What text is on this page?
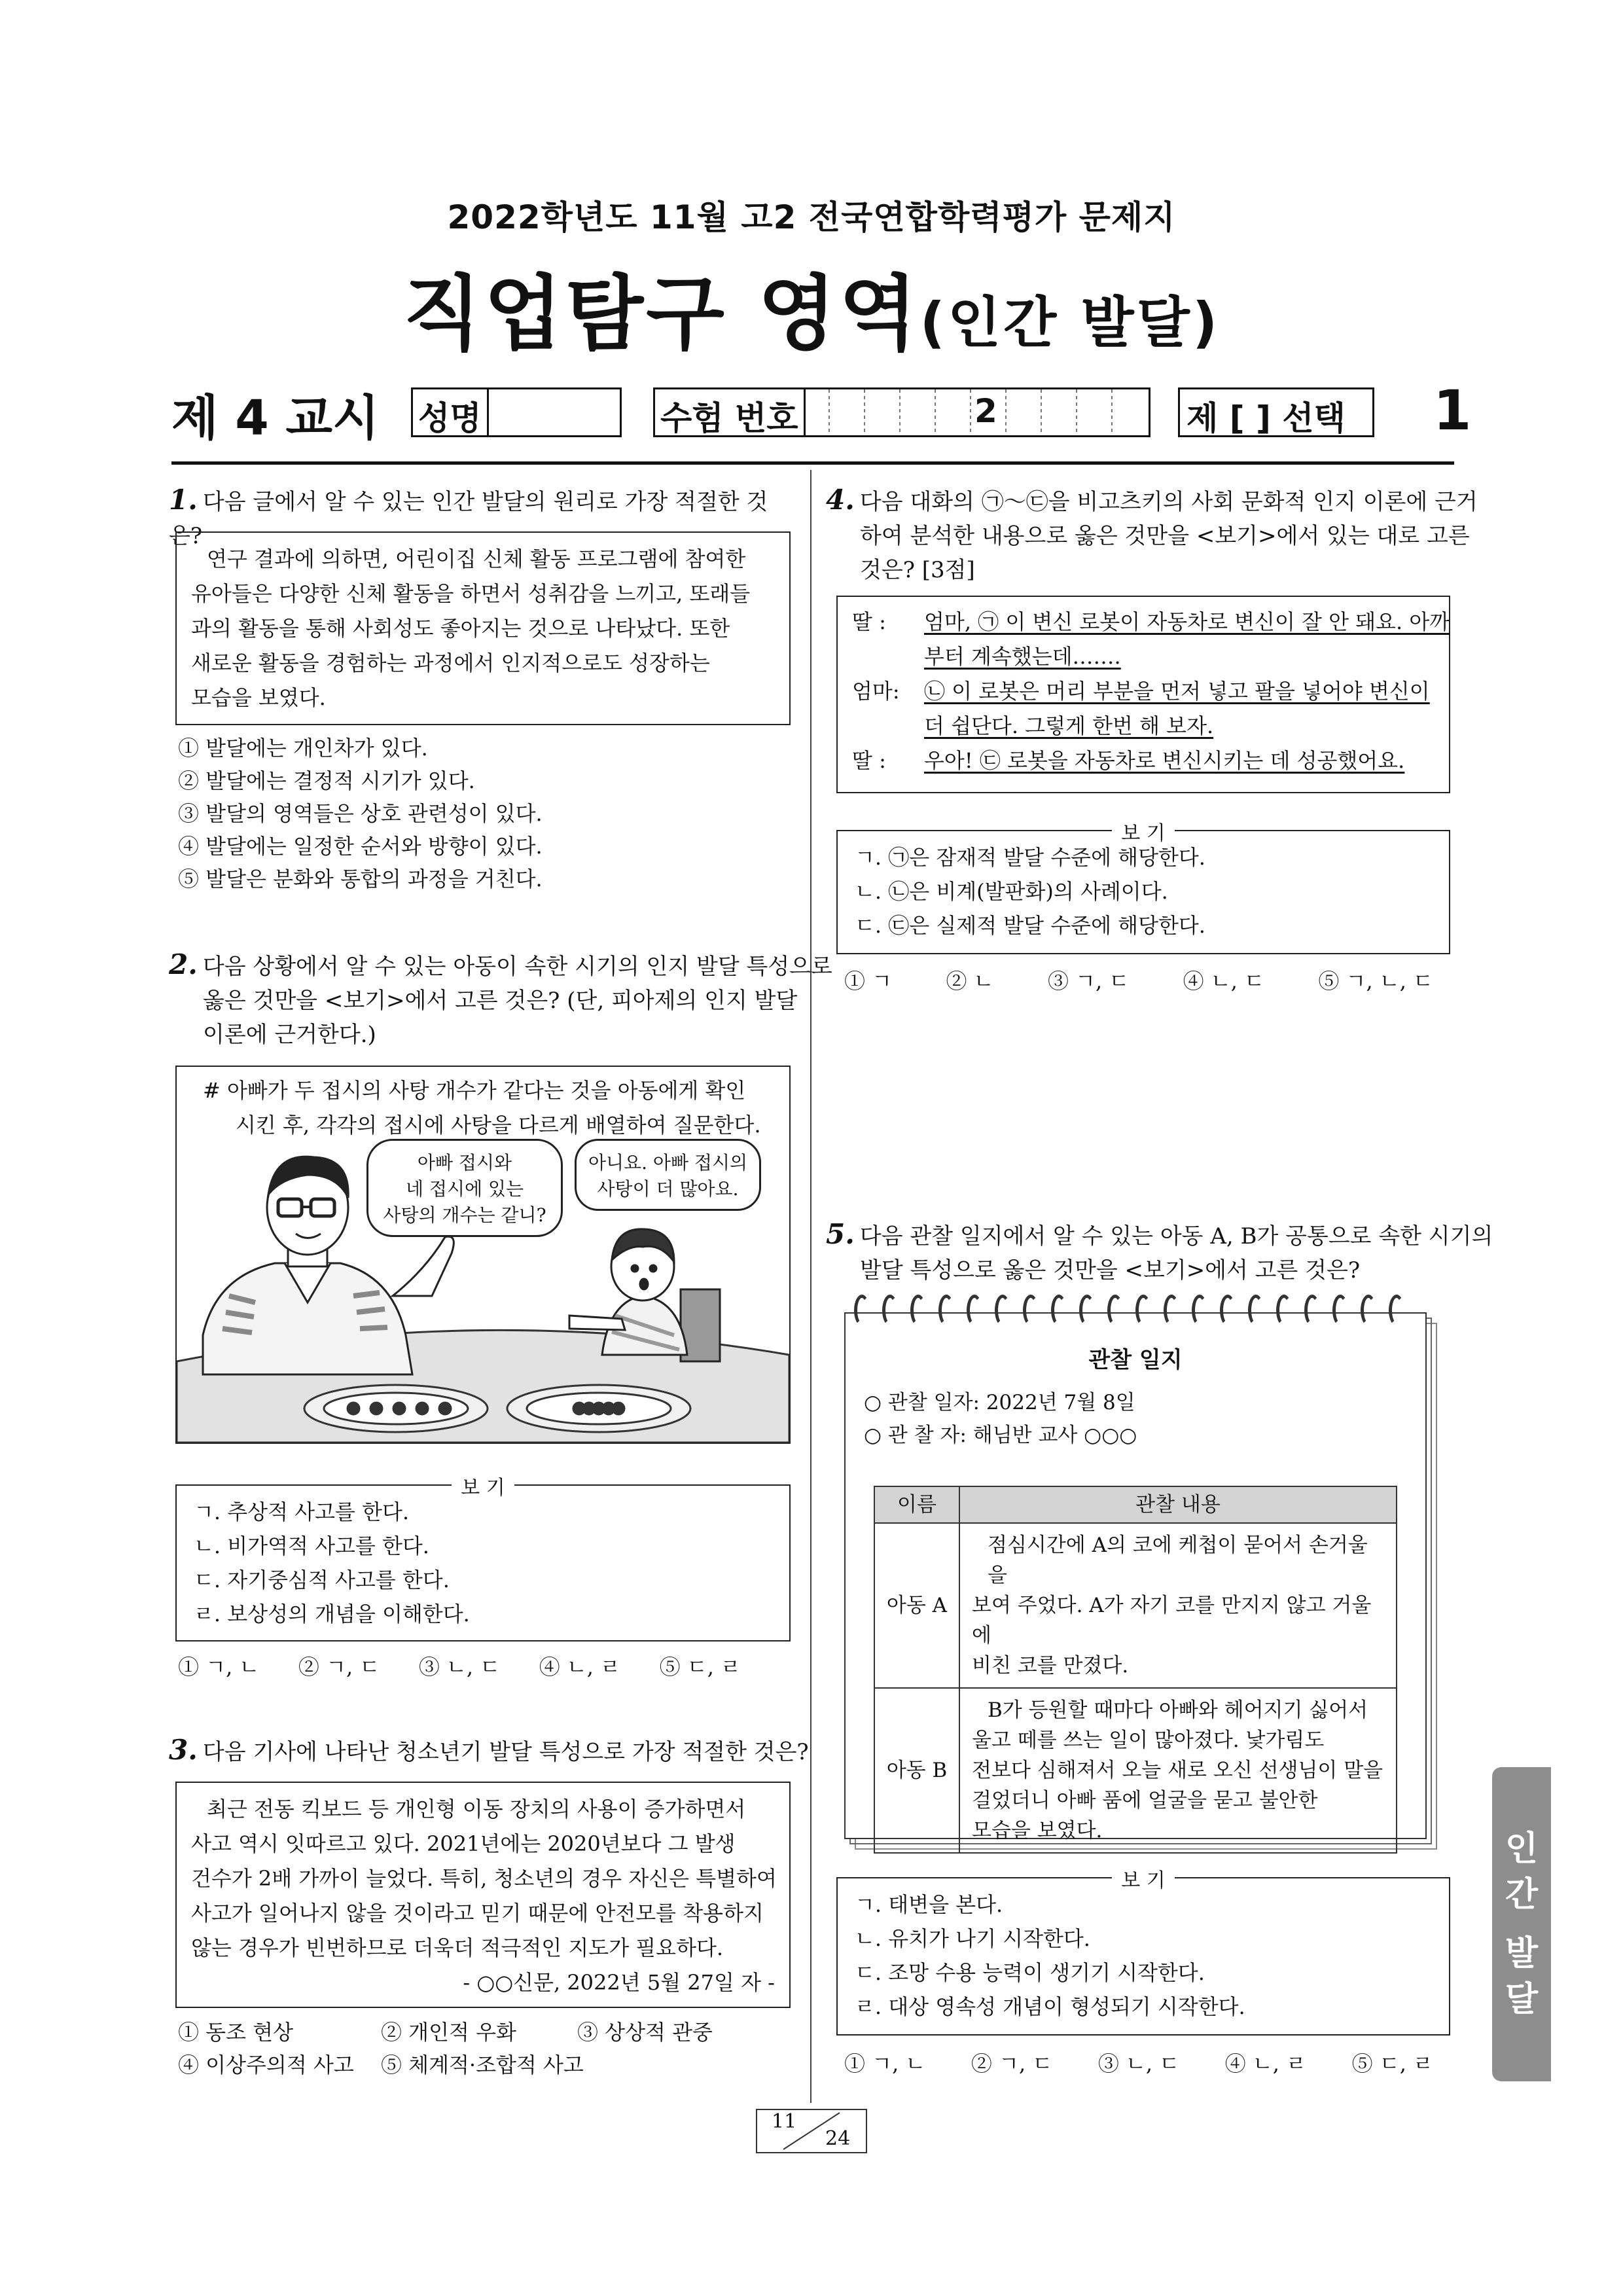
2022학년도 11월 고2 전국연합학력평가 문제지
직업탐구 영역(인간 발달)
제 4 교시 성명	수험 번호	2	제 [ ] 선택	1
1. 다음 글에서 알 수 있는 인간 발달의 원리로 가장 적절한 것은?
연구 결과에 의하면, 어린이집 신체 활동 프로그램에 참여한
유아들은 다양한 신체 활동을 하면서 성취감을 느끼고, 또래들
과의 활동을 통해 사회성도 좋아지는 것으로 나타났다. 또한
새로운 활동을 경험하는 과정에서 인지적으로도 성장하는
모습을 보였다.
① 발달에는 개인차가 있다.
② 발달에는 결정적 시기가 있다.
③ 발달의 영역들은 상호 관련성이 있다.
④ 발달에는 일정한 순서와 방향이 있다.
⑤ 발달은 분화와 통합의 과정을 거친다.
2. 다음 상황에서 알 수 있는 아동이 속한 시기의 인지 발달 특성으로
옳은 것만을 <보기>에서 고른 것은? (단, 피아제의 인지 발달
이론에 근거한다.)
# 아빠가 두 접시의 사탕 개수가 같다는 것을 아동에게 확인
시킨 후, 각각의 접시에 사탕을 다르게 배열하여 질문한다.
아빠 접시와
네 접시에 있는
사탕의 개수는 같니?
아니요. 아빠 접시의
사탕이 더 많아요.
보 기
ㄱ. 추상적 사고를 한다.
ㄴ. 비가역적 사고를 한다.
ㄷ. 자기중심적 사고를 한다.
ㄹ. 보상성의 개념을 이해한다.
① ㄱ, ㄴ ② ㄱ, ㄷ ③ ㄴ, ㄷ ④ ㄴ, ㄹ ⑤ ㄷ, ㄹ
3. 다음 기사에 나타난 청소년기 발달 특성으로 가장 적절한 것은?
최근 전동 킥보드 등 개인형 이동 장치의 사용이 증가하면서
사고 역시 잇따르고 있다. 2021년에는 2020년보다 그 발생
건수가 2배 가까이 늘었다. 특히, 청소년의 경우 자신은 특별하여
사고가 일어나지 않을 것이라고 믿기 때문에 안전모를 착용하지
않는 경우가 빈번하므로 더욱더 적극적인 지도가 필요하다.
- ○○신문, 2022년 5월 27일 자 -
① 동조 현상	② 개인적 우화	③ 상상적 관중
④ 이상주의적 사고	⑤ 체계적·조합적 사고
4. 다음 대화의 ㉠～㉢을 비고츠키의 사회 문화적 인지 이론에 근거
하여 분석한 내용으로 옳은 것만을 <보기>에서 있는 대로 고른
것은? [3점]
딸 :	엄마, ㉠ 이 변신 로봇이 자동차로 변신이 잘 안 돼요. 아까
부터 계속했는데…….
엄마:	㉡ 이 로봇은 머리 부분을 먼저 넣고 팔을 넣어야 변신이
더 쉽단다. 그렇게 한번 해 보자.
딸 :	우아! ㉢ 로봇을 자동차로 변신시키는 데 성공했어요.
보 기
ㄱ. ㉠은 잠재적 발달 수준에 해당한다.
ㄴ. ㉡은 비계(발판화)의 사례이다.
ㄷ. ㉢은 실제적 발달 수준에 해당한다.
① ㄱ	② ㄴ	③ ㄱ, ㄷ	④ ㄴ, ㄷ	⑤ ㄱ, ㄴ, ㄷ
5. 다음 관찰 일지에서 알 수 있는 아동 A, B가 공통으로 속한 시기의
발달 특성으로 옳은 것만을 <보기>에서 고른 것은?
관찰 일지
○ 관찰 일자: 2022년 7월 8일
○ 관 찰 자: 해님반 교사 ○○○
이름	관찰 내용
아동 A	점심시간에 A의 코에 케첩이 묻어서 손거울을
보여 주었다. A가 자기 코를 만지지 않고 거울에
비친 코를 만졌다.

아동 B	B가 등원할 때마다 아빠와 헤어지기 싫어서
울고 떼를 쓰는 일이 많아졌다. 낯가림도
전보다 심해져서 오늘 새로 오신 선생님이 말을
걸었더니 아빠 품에 얼굴을 묻고 불안한
모습을 보였다.
보 기
ㄱ. 태변을 본다.
ㄴ. 유치가 나기 시작한다.
ㄷ. 조망 수용 능력이 생기기 시작한다.
ㄹ. 대상 영속성 개념이 형성되기 시작한다.
① ㄱ, ㄴ ② ㄱ, ㄷ ③ ㄴ, ㄷ ④ ㄴ, ㄹ ⑤ ㄷ, ㄹ
인
간
발
달
11
24
